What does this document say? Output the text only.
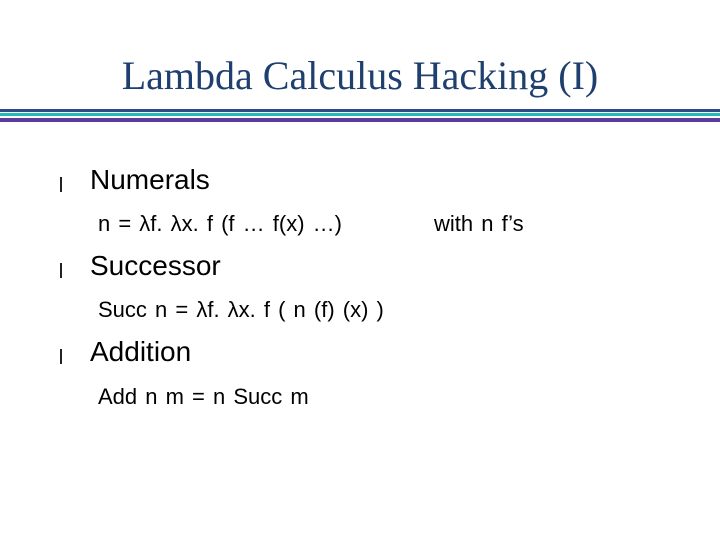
Lambda Calculus Hacking (I)
Numerals
n = λf. λx. f (f … f(x) …)	with n f’s
Successor
Succ n = λf. λx. f ( n (f) (x) )
Addition
Add n m = n Succ m
